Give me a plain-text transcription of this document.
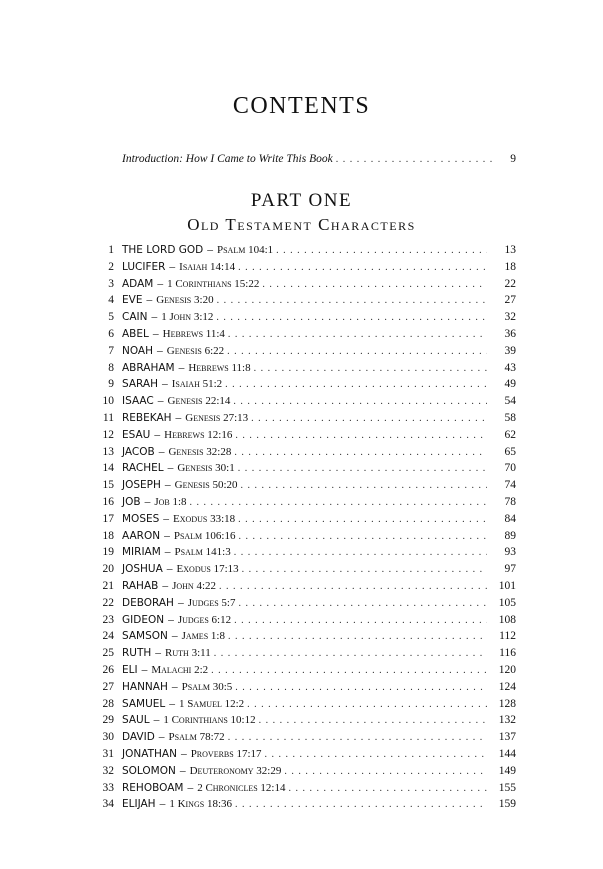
CONTENTS
Introduction: How I Came to Write This Book . . .	9
PART ONE
Old Testament Characters
1 THE LORD GOD – Psalm 104:1 . . .	13
2 LUCIFER – Isaiah 14:14 . . .	18
3 ADAM – 1 Corinthians 15:22 . . .	22
4 EVE – Genesis 3:20 . . .	27
5 CAIN – 1 John 3:12 . . .	32
6 ABEL – Hebrews 11:4 . . .	36
7 NOAH – Genesis 6:22 . . .	39
8 ABRAHAM – Hebrews 11:8 . . .	43
9 SARAH – Isaiah 51:2 . . .	49
10 ISAAC – Genesis 22:14 . . .	54
11 REBEKAH – Genesis 27:13 . . .	58
12 ESAU – Hebrews 12:16 . . .	62
13 JACOB – Genesis 32:28 . . .	65
14 RACHEL – Genesis 30:1 . . .	70
15 JOSEPH – Genesis 50:20 . . .	74
16 JOB – Job 1:8 . . .	78
17 MOSES – Exodus 33:18 . . .	84
18 AARON – Psalm 106:16 . . .	89
19 MIRIAM – Psalm 141:3 . . .	93
20 JOSHUA – Exodus 17:13 . . .	97
21 RAHAB – John 4:22 . . .	101
22 DEBORAH – Judges 5:7 . . .	105
23 GIDEON – Judges 6:12 . . .	108
24 SAMSON – James 1:8 . . .	112
25 RUTH – Ruth 3:11 . . .	116
26 ELI – Malachi 2:2 . . .	120
27 HANNAH – Psalm 30:5 . . .	124
28 SAMUEL – 1 Samuel 12:2 . . .	128
29 SAUL – 1 Corinthians 10:12 . . .	132
30 DAVID – Psalm 78:72 . . .	137
31 JONATHAN – Proverbs 17:17 . . .	144
32 SOLOMON – Deuteronomy 32:29 . . .	149
33 REHOBOAM – 2 Chronicles 12:14 . . .	155
34 ELIJAH – 1 Kings 18:36 . . .	159
